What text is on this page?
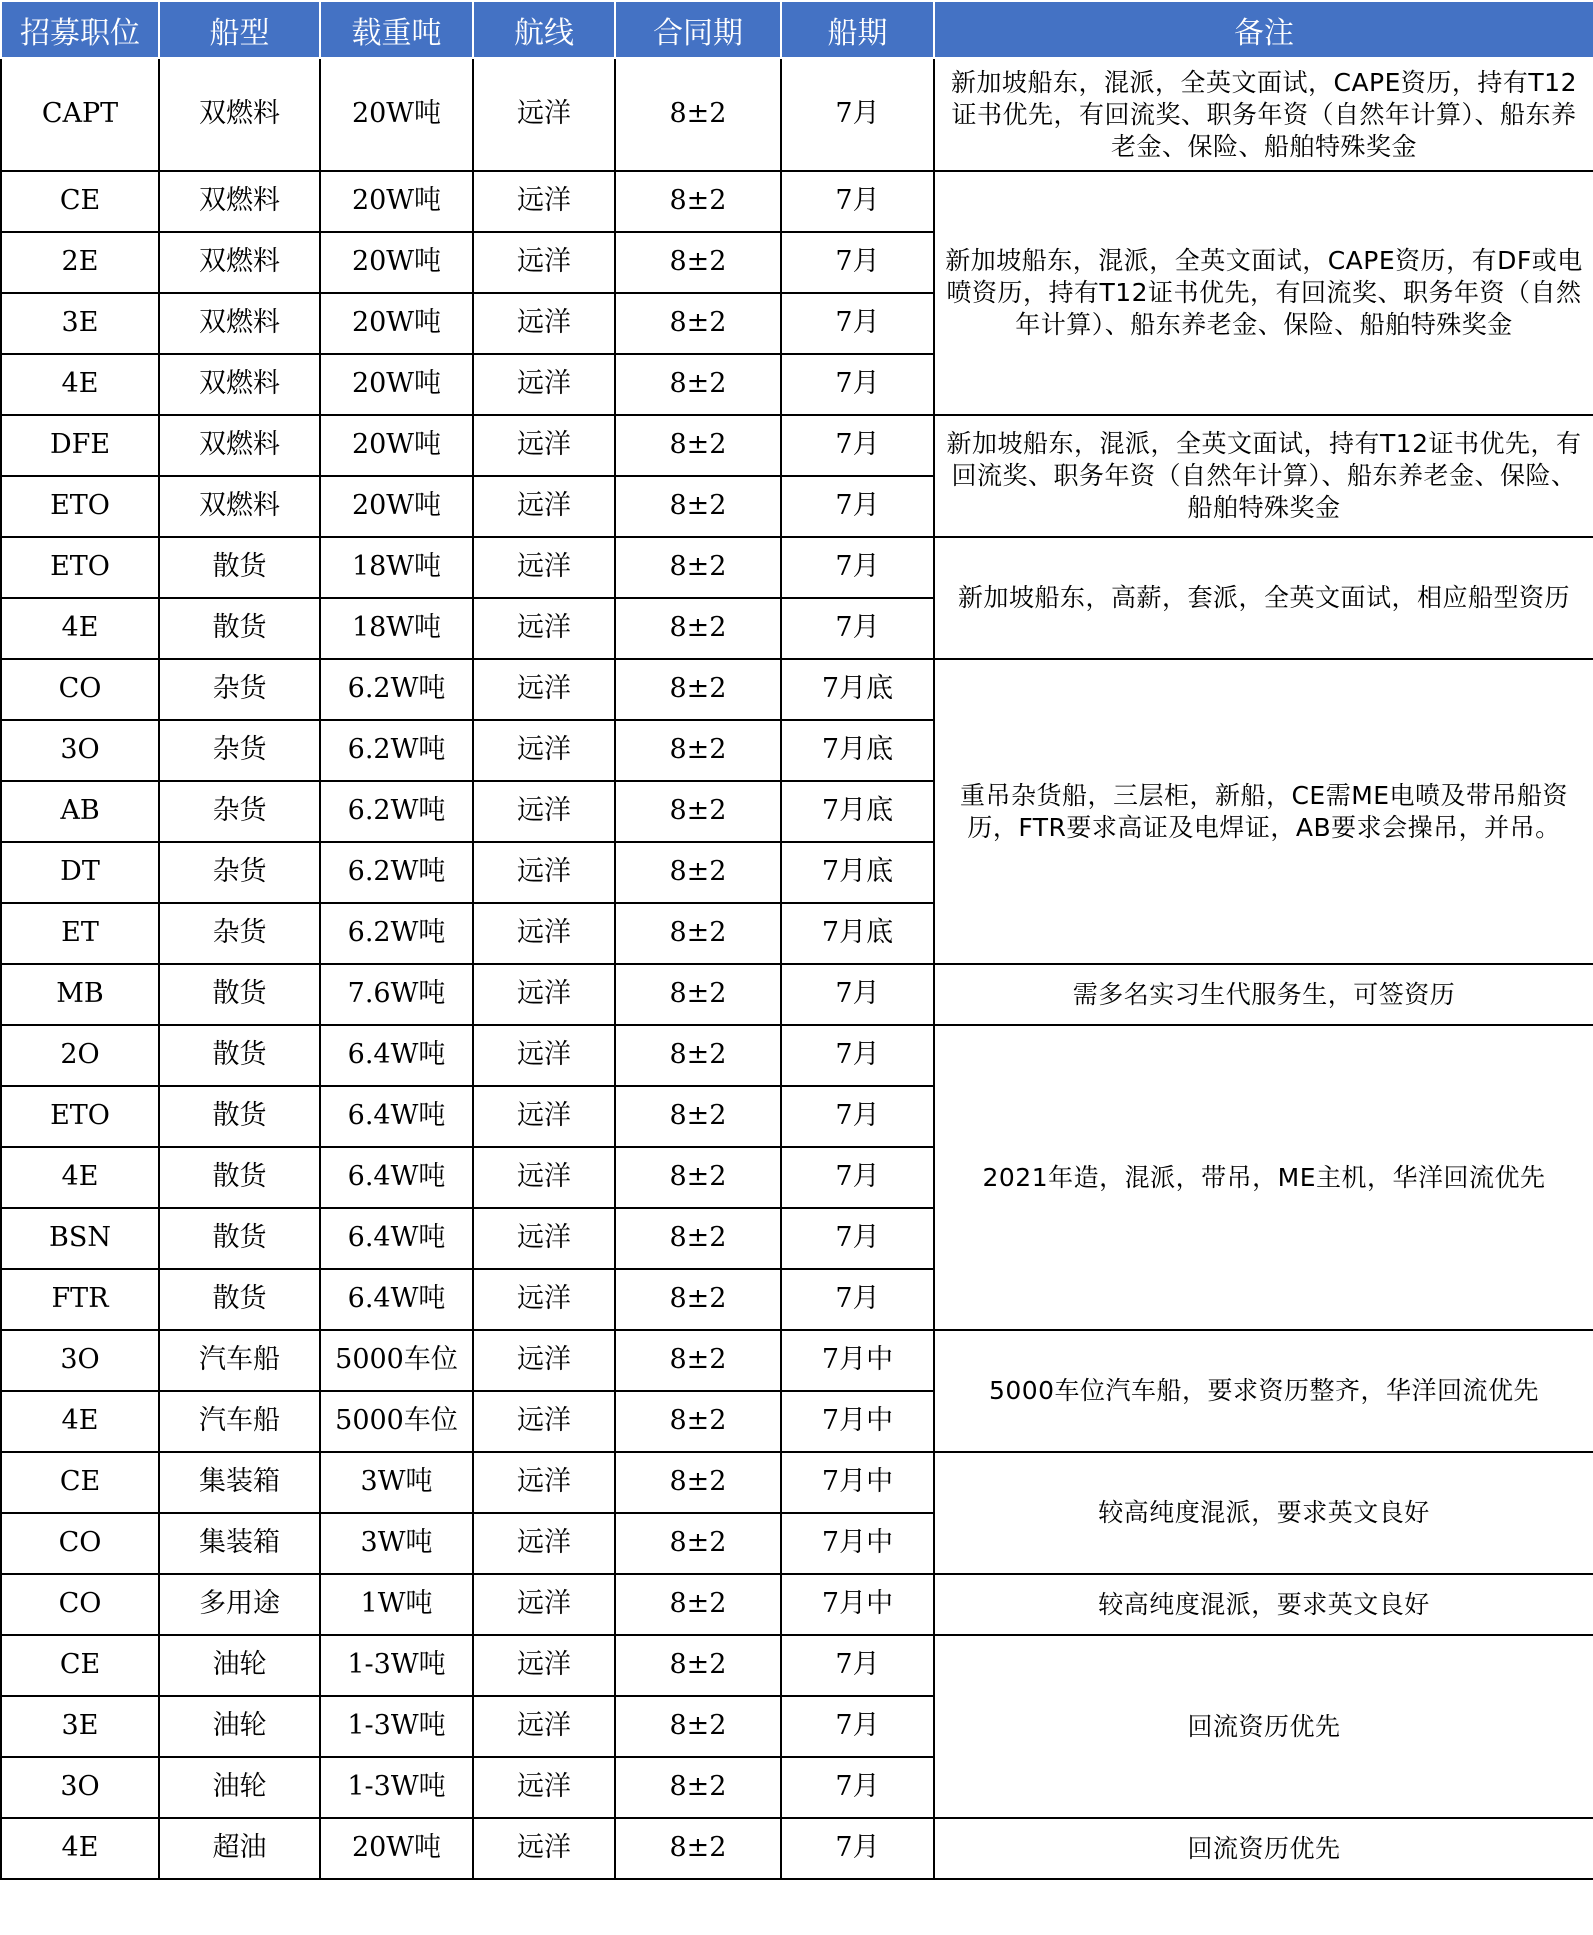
招募职位	船型	载重吨	航线	合同期	船期	备注
CAPT	双燃料	20W吨	远洋	8±2	7月	新加坡船东，混派，全英文面试，CAPE资历，持有T12证书优先，有回流奖、职务年资（自然年计算）、船东养老金、保险、船舶特殊奖金
CE	双燃料	20W吨	远洋	8±2	7月	新加坡船东，混派，全英文面试，CAPE资历，有DF或电喷资历，持有T12证书优先，有回流奖、职务年资（自然年计算）、船东养老金、保险、船舶特殊奖金
2E	双燃料	20W吨	远洋	8±2	7月	
3E	双燃料	20W吨	远洋	8±2	7月	
4E	双燃料	20W吨	远洋	8±2	7月	
DFE	双燃料	20W吨	远洋	8±2	7月	新加坡船东，混派，全英文面试，持有T12证书优先，有回流奖、职务年资（自然年计算）、船东养老金、保险、船舶特殊奖金
ETO	双燃料	20W吨	远洋	8±2	7月	
ETO	散货	18W吨	远洋	8±2	7月	新加坡船东，高薪，套派，全英文面试，相应船型资历
4E	散货	18W吨	远洋	8±2	7月	
CO	杂货	6.2W吨	远洋	8±2	7月底	重吊杂货船，三层柜，新船，CE需ME电喷及带吊船资历，FTR要求高证及电焊证，AB要求会操吊，并吊。
3O	杂货	6.2W吨	远洋	8±2	7月底	
AB	杂货	6.2W吨	远洋	8±2	7月底	
DT	杂货	6.2W吨	远洋	8±2	7月底	
ET	杂货	6.2W吨	远洋	8±2	7月底	
MB	散货	7.6W吨	远洋	8±2	7月	需多名实习生代服务生，可签资历
2O	散货	6.4W吨	远洋	8±2	7月	2021年造，混派，带吊，ME主机，华洋回流优先
ETO	散货	6.4W吨	远洋	8±2	7月	
4E	散货	6.4W吨	远洋	8±2	7月	
BSN	散货	6.4W吨	远洋	8±2	7月	
FTR	散货	6.4W吨	远洋	8±2	7月	
3O	汽车船	5000车位	远洋	8±2	7月中	5000车位汽车船，要求资历整齐，华洋回流优先
4E	汽车船	5000车位	远洋	8±2	7月中	
CE	集装箱	3W吨	远洋	8±2	7月中	较高纯度混派，要求英文良好
CO	集装箱	3W吨	远洋	8±2	7月中	
CO	多用途	1W吨	远洋	8±2	7月中	较高纯度混派，要求英文良好
CE	油轮	1-3W吨	远洋	8±2	7月	回流资历优先
3E	油轮	1-3W吨	远洋	8±2	7月	
3O	油轮	1-3W吨	远洋	8±2	7月	
4E	超油	20W吨	远洋	8±2	7月	回流资历优先
